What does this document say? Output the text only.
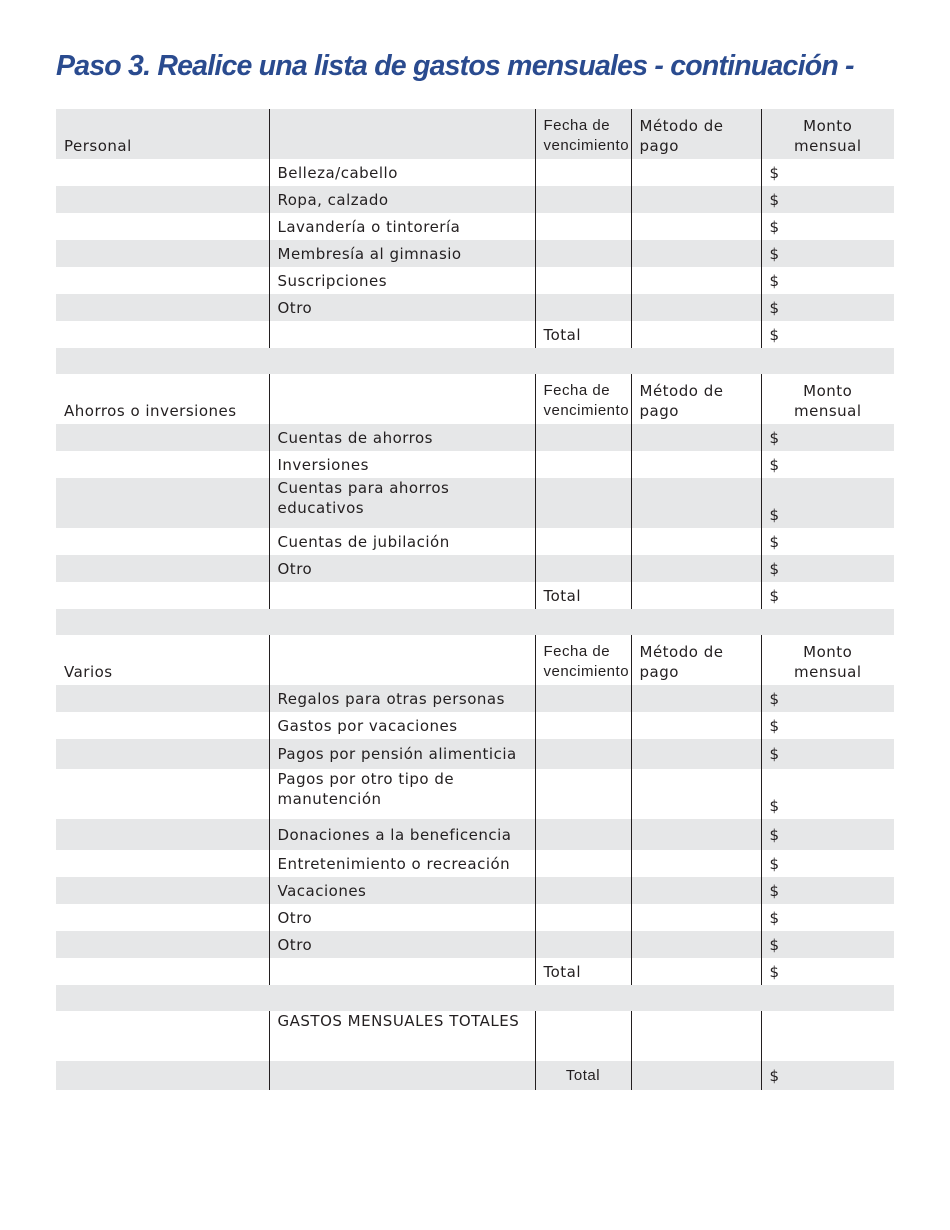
Paso 3. Realice una lista de gastos mensuales - continuación -
Personal		Fecha de vencimiento	Método de pago	Monto mensual
	Belleza/cabello			$
	Ropa, calzado			$
	Lavandería o tintorería			$
	Membresía al gimnasio			$
	Suscripciones			$
	Otro			$
		Total		$

Ahorros o inversiones		Fecha de vencimiento	Método de pago	Monto mensual
	Cuentas de ahorros			$
	Inversiones			$
	Cuentas para ahorros educativos			$
	Cuentas de jubilación			$
	Otro			$
		Total		$

Varios		Fecha de vencimiento	Método de pago	Monto mensual
	Regalos para otras personas			$
	Gastos por vacaciones			$
	Pagos por pensión alimenticia			$
	Pagos por otro tipo de manutención			$
	Donaciones a la beneficencia			$
	Entretenimiento o recreación			$
	Vacaciones			$
	Otro			$
	Otro			$
		Total		$

	GASTOS MENSUALES TOTALES			
		Total		$
